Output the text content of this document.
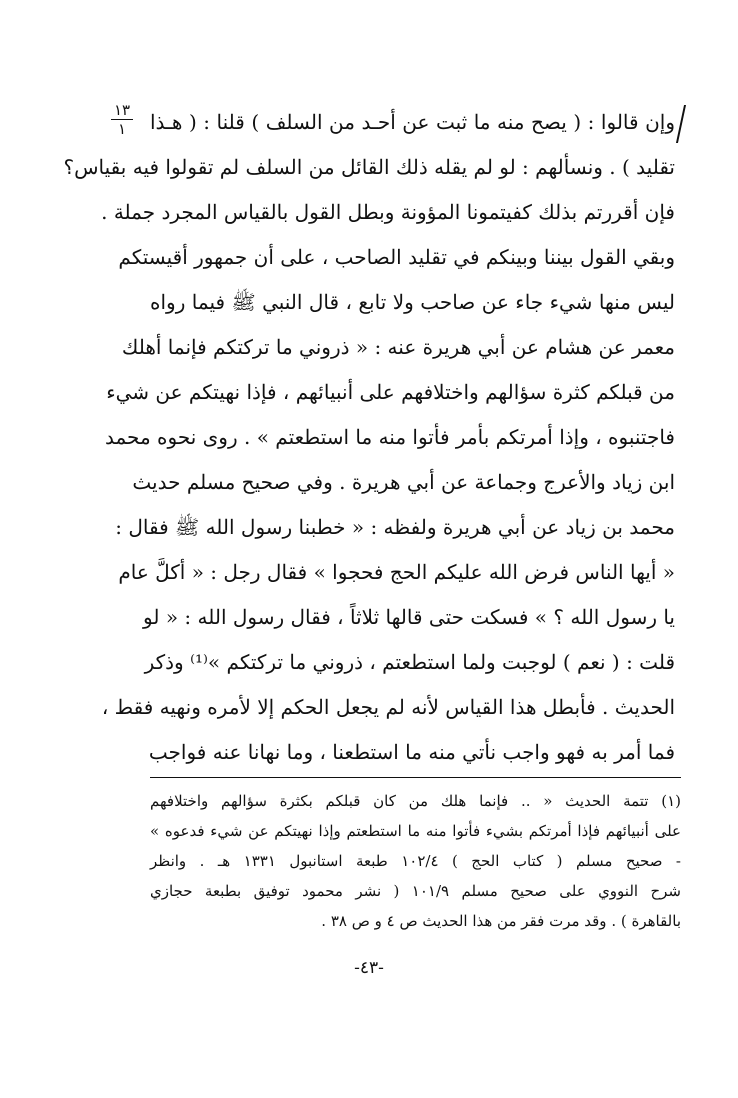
١٣
١	وإن قالوا : ( يصح منه ما ثبت عن أحـد من السلف ) قلنا : ( هـذا
تقليد ) . ونسألهم : لو لم يقله ذلك القائل من السلف لم تقولوا فيه بقياس؟
فإن أقررتم بذلك كفيتمونا المؤونة وبطل القول بالقياس المجرد جملة .
وبقي القول بيننا وبينكم في تقليد الصاحب ، على أن جمهور أقيستكم
ليس منها شيء جاء عن صاحب ولا تابع ، قال النبي ﷺ فيما رواه
معمر عن هشام عن أبي هريرة عنه : « ذروني ما تركتكم فإنما أهلك
من قبلكم كثرة سؤالهم واختلافهم على أنبيائهم ، فإذا نهيتكم عن شيء
فاجتنبوه ، وإذا أمرتكم بأمر فأتوا منه ما استطعتم » . روى نحوه محمد
ابن زياد والأعرج وجماعة عن أبي هريرة . وفي صحيح مسلم حديث
محمد بن زياد عن أبي هريرة ولفظه : « خطبنا رسول الله ﷺ فقال :
« أيها الناس فرض الله عليكم الحج فحجوا » فقال رجل : « أكلَّ عام
يا رسول الله ؟ » فسكت حتى قالها ثلاثاً ، فقال رسول الله : « لو
قلت : ( نعم ) لوجبت ولما استطعتم ، ذروني ما تركتكم »⁽¹⁾ وذكر
الحديث . فأبطل هذا القياس لأنه لم يجعل الحكم إلا لأمره ونهيه فقط ،
فما أمر به فهو واجب نأتي منه ما استطعنا ، وما نهانا عنه فواجب
(١) تتمة الحديث « .. فإنما هلك من كان قبلكم بكثرة سؤالهم واختلافهم
على أنبيائهم فإذا أمرتكم بشيء فأتوا منه ما استطعتم وإذا نهيتكم عن شيء فدعوه »
- صحيح مسلم ( كتاب الحج ) ١٠٢/٤ طبعة استانبول ١٣٣١ هـ . وانظر
شرح النووي على صحيح مسلم ١٠١/٩ ( نشر محمود توفيق بطبعة حجازي
بالقاهرة ) . وقد مرت فقر من هذا الحديث ص ٤ و ص ٣٨ .
-٤٣-
